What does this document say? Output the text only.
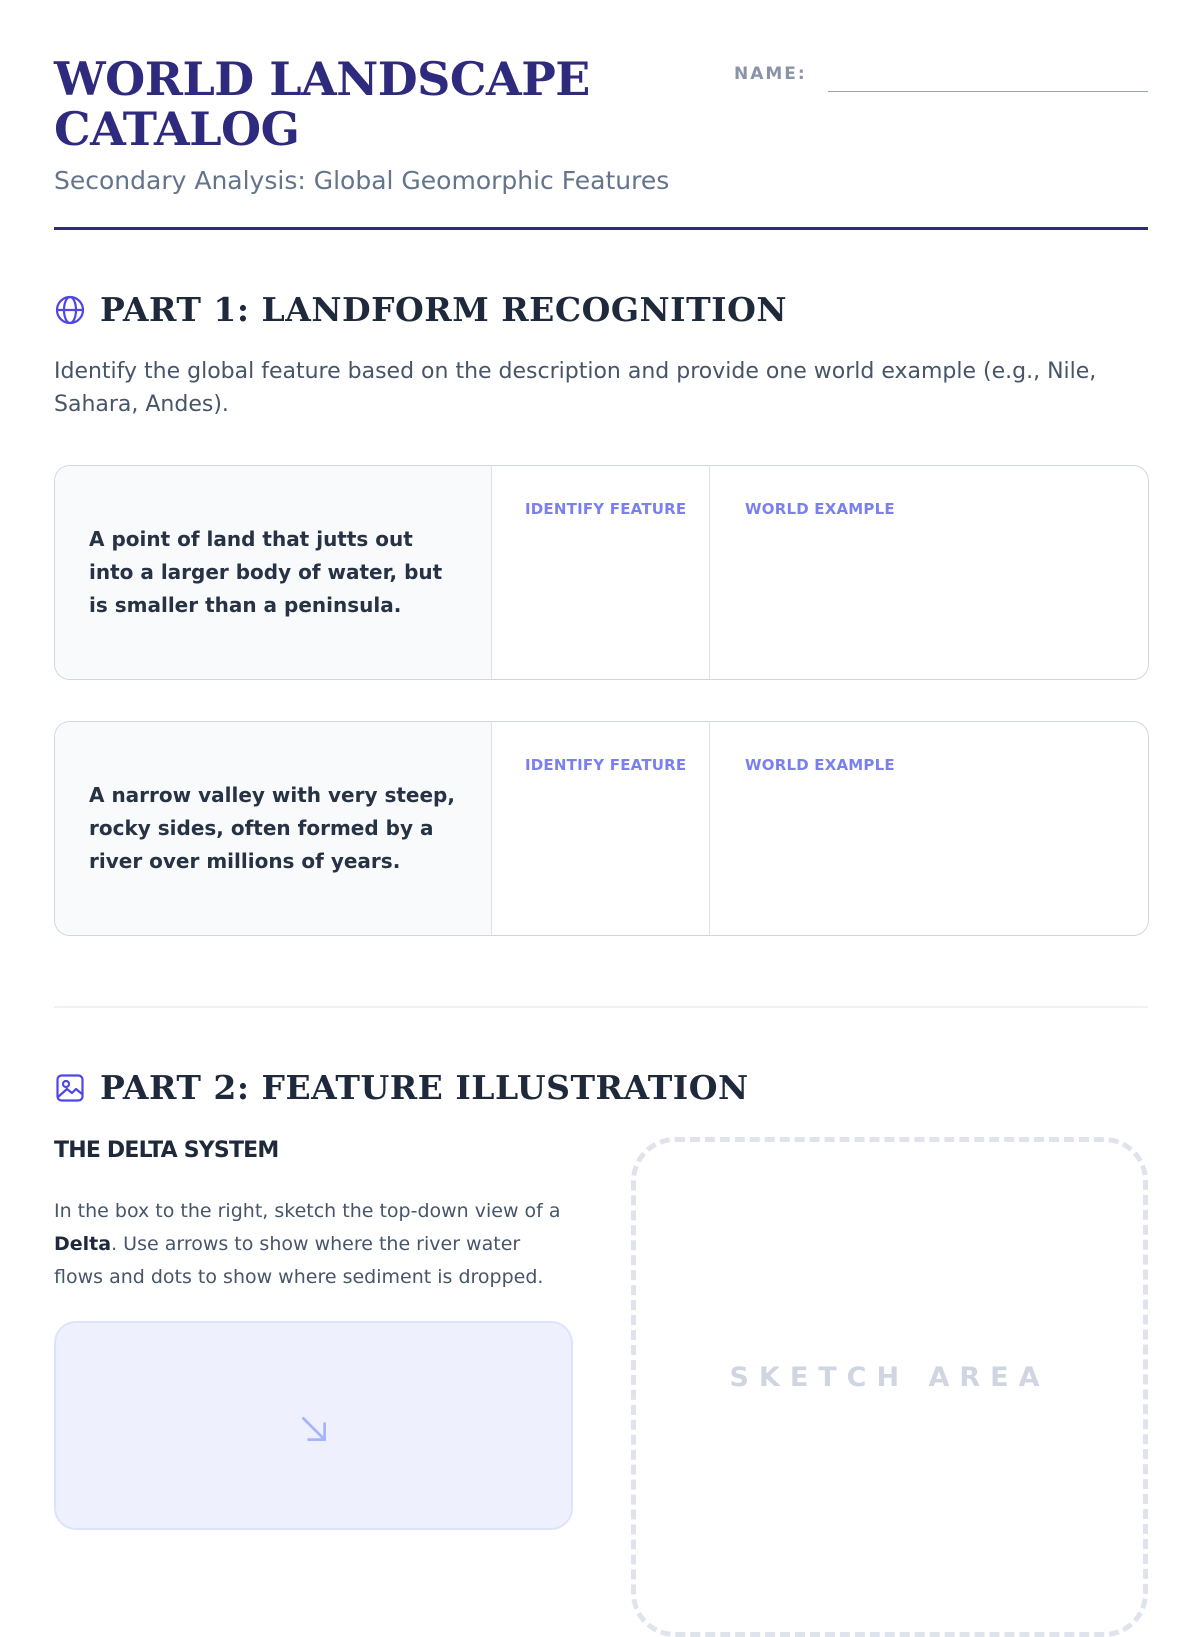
WORLD LANDSCAPE CATALOG

Secondary Analysis: Global Geomorphic Features

NAME:
PART 1: LANDFORM RECOGNITION

Identify the global feature based on the description and provide one world example (e.g., Nile, Sahara, Andes).

A point of land that jutts out into a larger body of water, but is smaller than a peninsula.
IDENTIFY FEATURE	WORLD EXAMPLE
A narrow valley with very steep, rocky sides, often formed by a river over millions of years.
IDENTIFY FEATURE	WORLD EXAMPLE
PART 2: FEATURE ILLUSTRATION
THE DELTA SYSTEM

In the box to the right, sketch the top-down view of a Delta. Use arrows to show where the river water flows and dots to show where sediment is dropped.

SKETCH AREA
